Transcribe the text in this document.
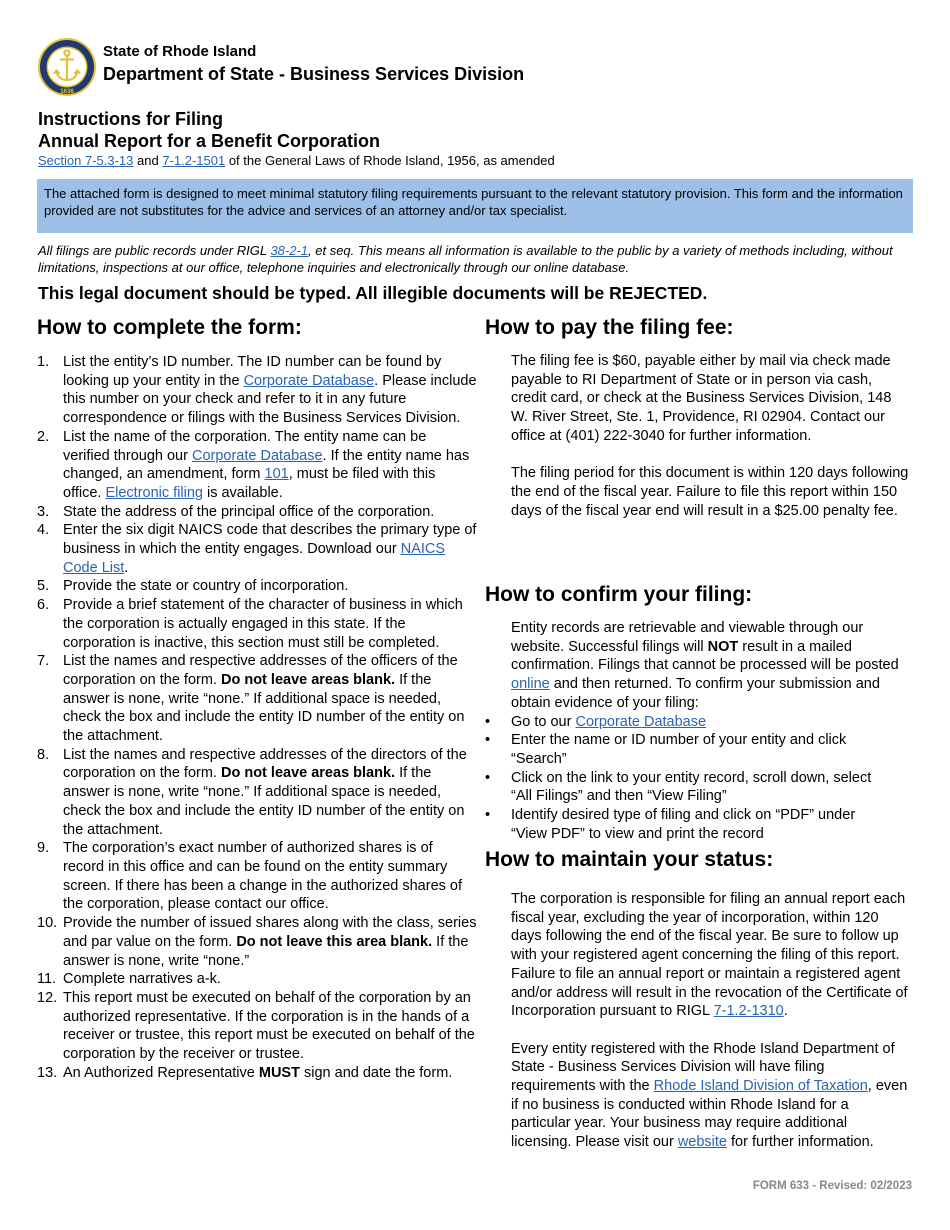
1636
State of Rhode Island
Department of State - Business Services Division
Instructions for Filing
Annual Report for a Benefit Corporation
Section 7-5.3-13 and 7-1.2-1501 of the General Laws of Rhode Island, 1956, as amended
The attached form is designed to meet minimal statutory filing requirements pursuant to the relevant statutory provision. This form and the information provided are not substitutes for the advice and services of an attorney and/or tax specialist.
All filings are public records under RIGL 38-2-1, et seq. This means all information is available to the public by a variety of methods including, without limitations, inspections at our office, telephone inquiries and electronically through our online database.
This legal document should be typed. All illegible documents will be REJECTED.
How to complete the form:
1. List the entity’s ID number. The ID number can be found by looking up your entity in the Corporate Database. Please include this number on your check and refer to it in any future correspondence or filings with the Business Services Division.
2. List the name of the corporation. The entity name can be verified through our Corporate Database. If the entity name has changed, an amendment, form 101, must be filed with this office. Electronic filing is available.
3. State the address of the principal office of the corporation.
4. Enter the six digit NAICS code that describes the primary type of business in which the entity engages. Download our NAICS Code List.
5. Provide the state or country of incorporation.
6. Provide a brief statement of the character of business in which the corporation is actually engaged in this state. If the corporation is inactive, this section must still be completed.
7. List the names and respective addresses of the officers of the corporation on the form. Do not leave areas blank. If the answer is none, write “none.” If additional space is needed, check the box and include the entity ID number of the entity on the attachment.
8. List the names and respective addresses of the directors of the corporation on the form. Do not leave areas blank. If the answer is none, write “none.” If additional space is needed, check the box and include the entity ID number of the entity on the attachment.
9. The corporation’s exact number of authorized shares is of record in this office and can be found on the entity summary screen. If there has been a change in the authorized shares of the corporation, please contact our office.
10. Provide the number of issued shares along with the class, series and par value on the form. Do not leave this area blank. If the answer is none, write “none.”
11. Complete narratives a-k.
12. This report must be executed on behalf of the corporation by an authorized representative. If the corporation is in the hands of a receiver or trustee, this report must be executed on behalf of the corporation by the receiver or trustee.
13. An Authorized Representative MUST sign and date the form.
How to pay the filing fee:

The filing fee is $60, payable either by mail via check made payable to RI Department of State or in person via cash, credit card, or check at the Business Services Division, 148 W. River Street, Ste. 1, Providence, RI 02904. Contact our office at (401) 222-3040 for further information.

The filing period for this document is within 120 days following the end of the fiscal year. Failure to file this report within 150 days of the fiscal year end will result in a $25.00 penalty fee.

How to confirm your filing:

Entity records are retrievable and viewable through our website. Successful filings will NOT result in a mailed confirmation. Filings that cannot be processed will be posted online and then returned. To confirm your submission and obtain evidence of your filing:

• Go to our Corporate Database
• Enter the name or ID number of your entity and click “Search”
• Click on the link to your entity record, scroll down, select “All Filings” and then “View Filing”
• Identify desired type of filing and click on “PDF” under “View PDF” to view and print the record
How to maintain your status:

The corporation is responsible for filing an annual report each fiscal year, excluding the year of incorporation, within 120 days following the end of the fiscal year. Be sure to follow up with your registered agent concerning the filing of this report. Failure to file an annual report or maintain a registered agent and/or address will result in the revocation of the Certificate of Incorporation pursuant to RIGL 7-1.2-1310.

Every entity registered with the Rhode Island Department of State - Business Services Division will have filing requirements with the Rhode Island Division of Taxation, even if no business is conducted within Rhode Island for a particular year. Your business may require additional licensing. Please visit our website for further information.

FORM 633 - Revised: 02/2023
